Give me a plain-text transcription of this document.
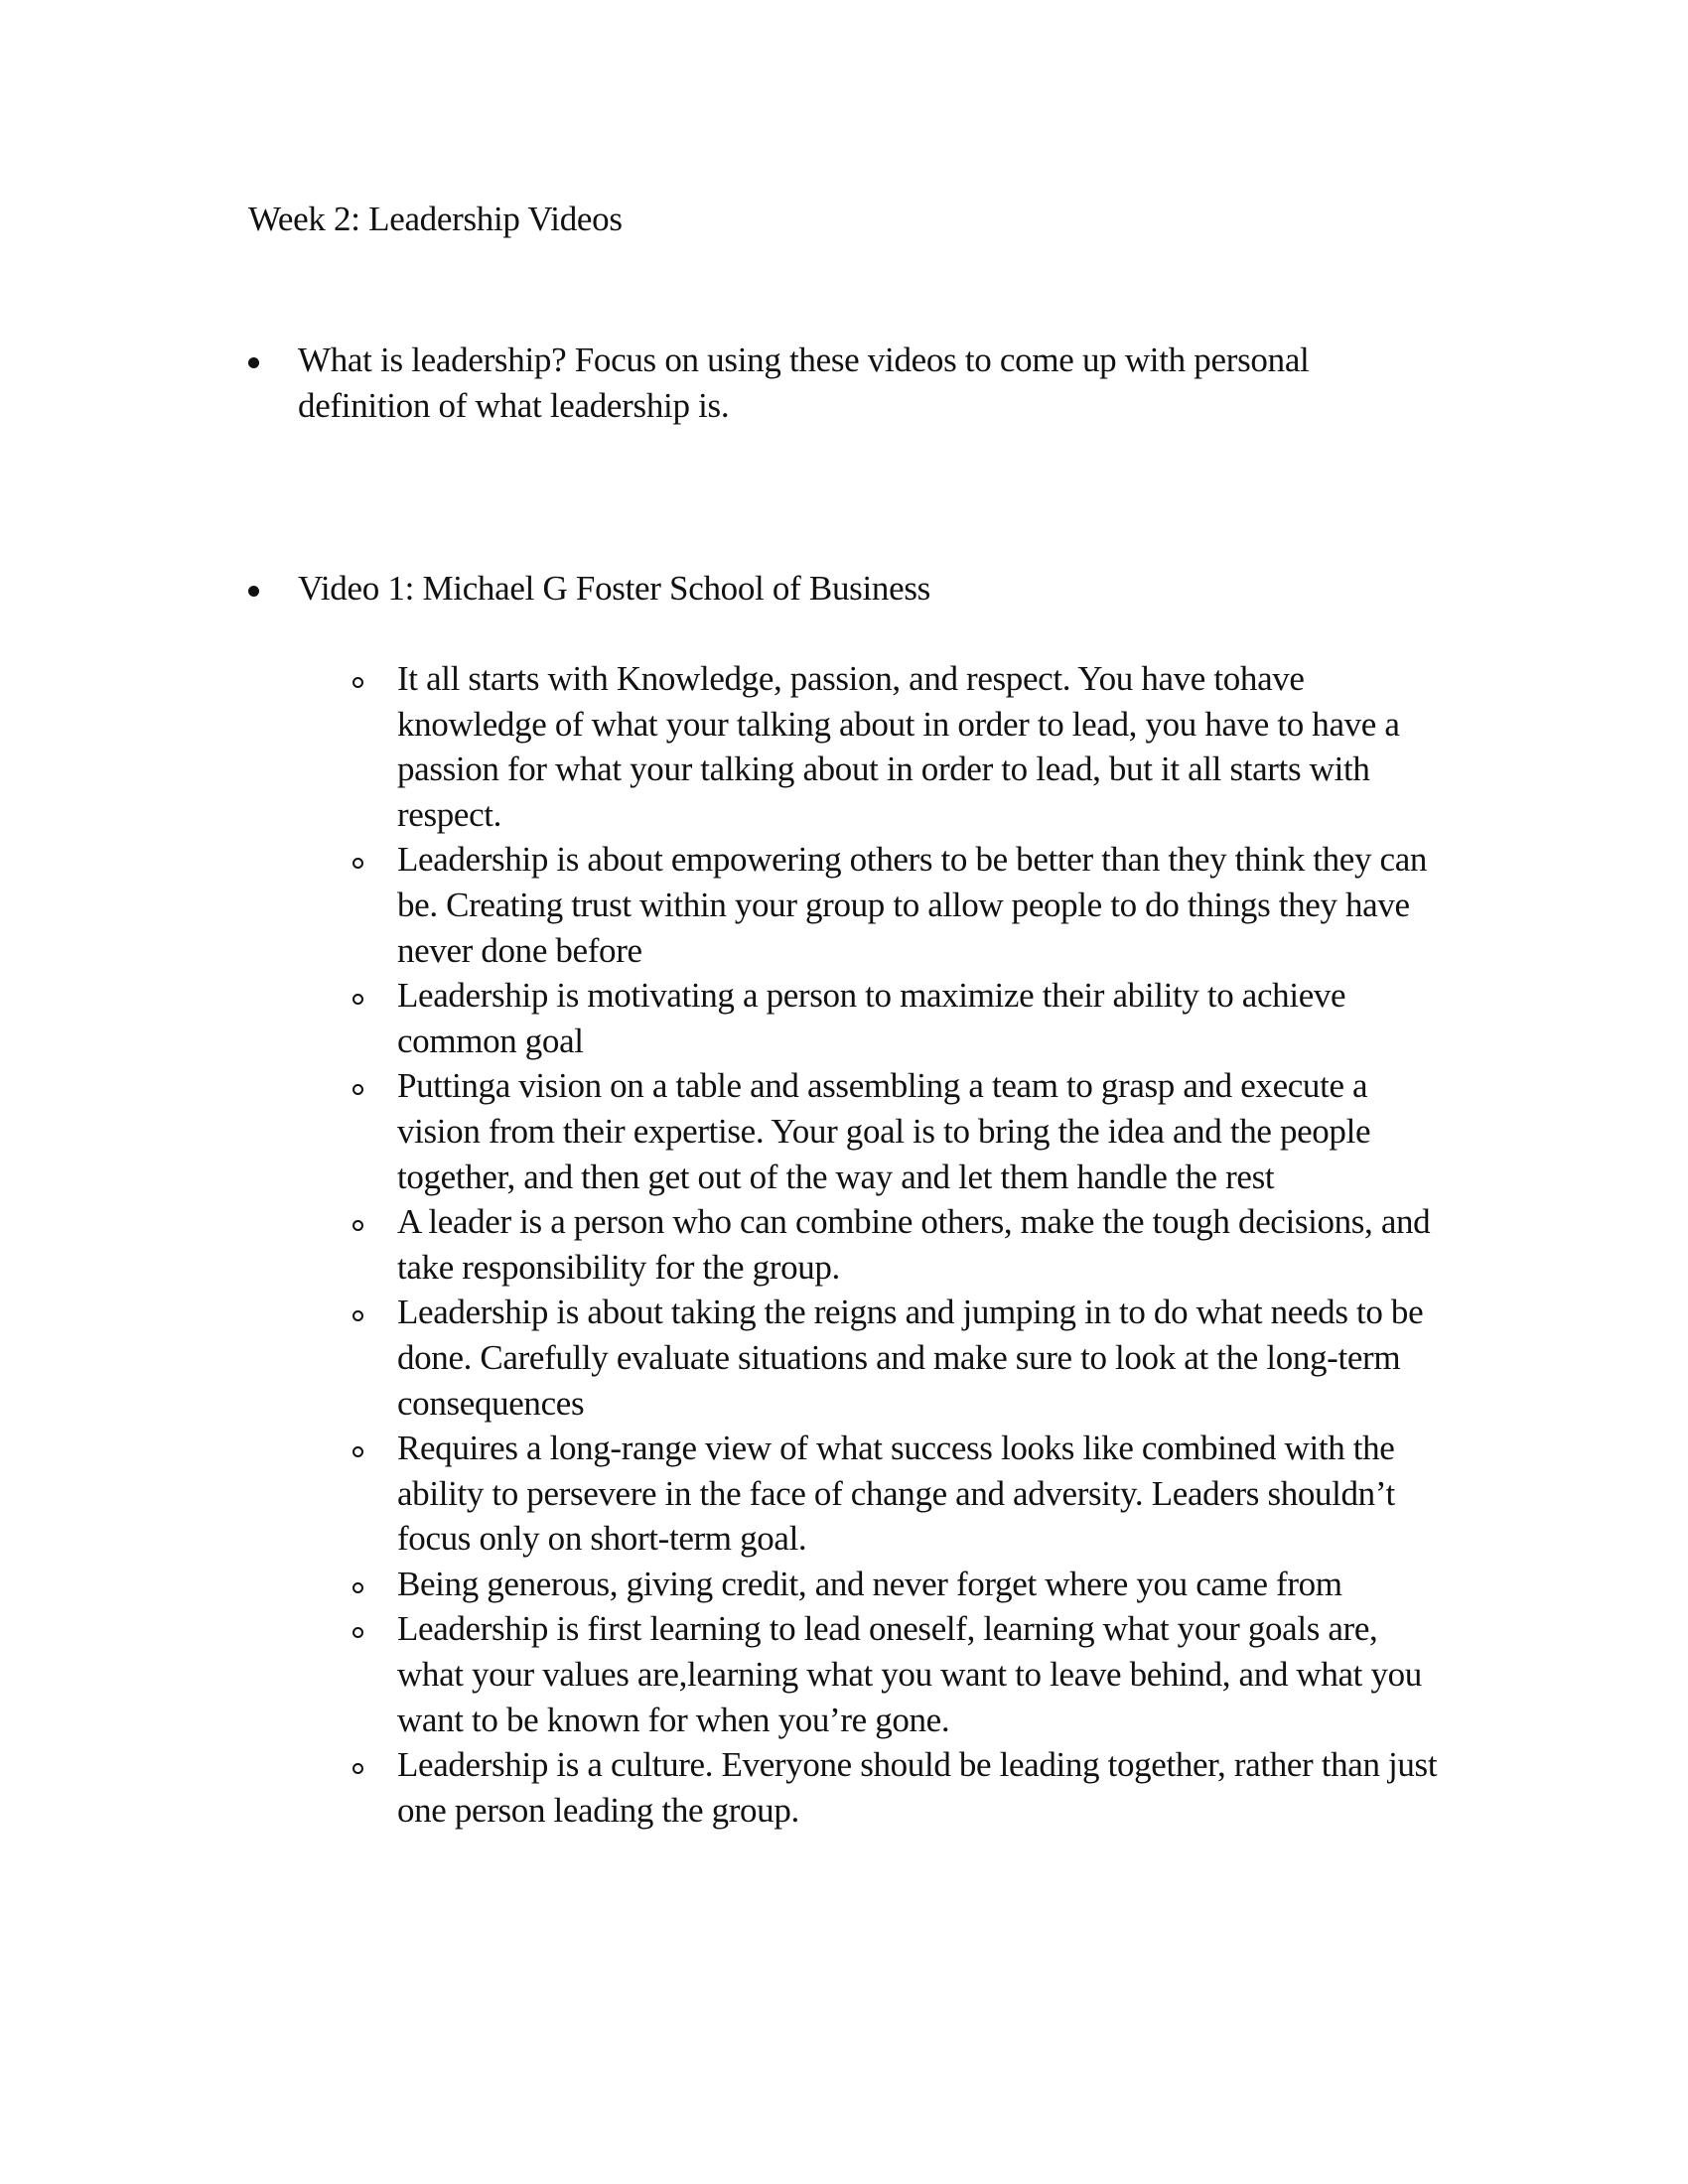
Week 2: Leadership Videos
What is leadership? Focus on using these videos to come up with personal definition of what leadership is.
Video 1: Michael G Foster School of Business
It all starts with Knowledge, passion, and respect. You have tohave knowledge of what your talking about in order to lead, you have to have a passion for what your talking about in order to lead, but it all starts with respect.
Leadership is about empowering others to be better than they think they can be. Creating trust within your group to allow people to do things they have never done before
Leadership is motivating a person to maximize their ability to achieve common goal
Puttinga vision on a table and assembling a team to grasp and execute a vision from their expertise. Your goal is to bring the idea and the people together, and then get out of the way and let them handle the rest
A leader is a person who can combine others, make the tough decisions, and take responsibility for the group.
Leadership is about taking the reigns and jumping in to do what needs to be done. Carefully evaluate situations and make sure to look at the long-term consequences
Requires a long-range view of what success looks like combined with the ability to persevere in the face of change and adversity. Leaders shouldn’t focus only on short-term goal.
Being generous, giving credit, and never forget where you came from
Leadership is first learning to lead oneself, learning what your goals are, what your values are,learning what you want to leave behind, and what you want to be known for when you’re gone.
Leadership is a culture. Everyone should be leading together, rather than just one person leading the group.
